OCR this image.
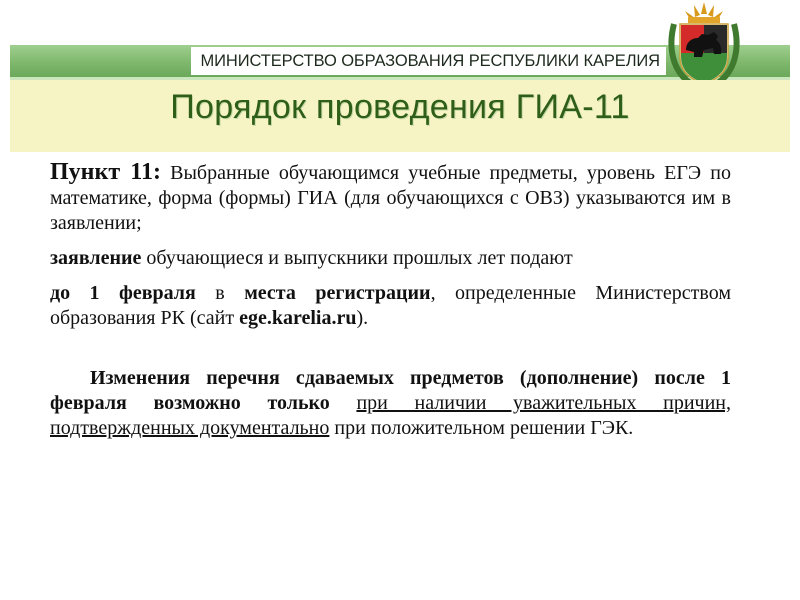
МИНИСТЕРСТВО ОБРАЗОВАНИЯ РЕСПУБЛИКИ КАРЕЛИЯ
Порядок проведения ГИА-11

Пункт 11: Выбранные обучающимся учебные предметы, уровень ЕГЭ по математике, форма (формы) ГИА (для обучающихся с ОВЗ) указываются им в заявлении;

заявление обучающиеся и выпускники прошлых лет подают

до 1 февраля в места регистрации, определенные Министерством образования РК (сайт ege.karelia.ru).

Изменения перечня сдаваемых предметов (дополнение) после 1 февраля возможно только при наличии уважительных причин, подтвержденных документально при положительном решении ГЭК.
